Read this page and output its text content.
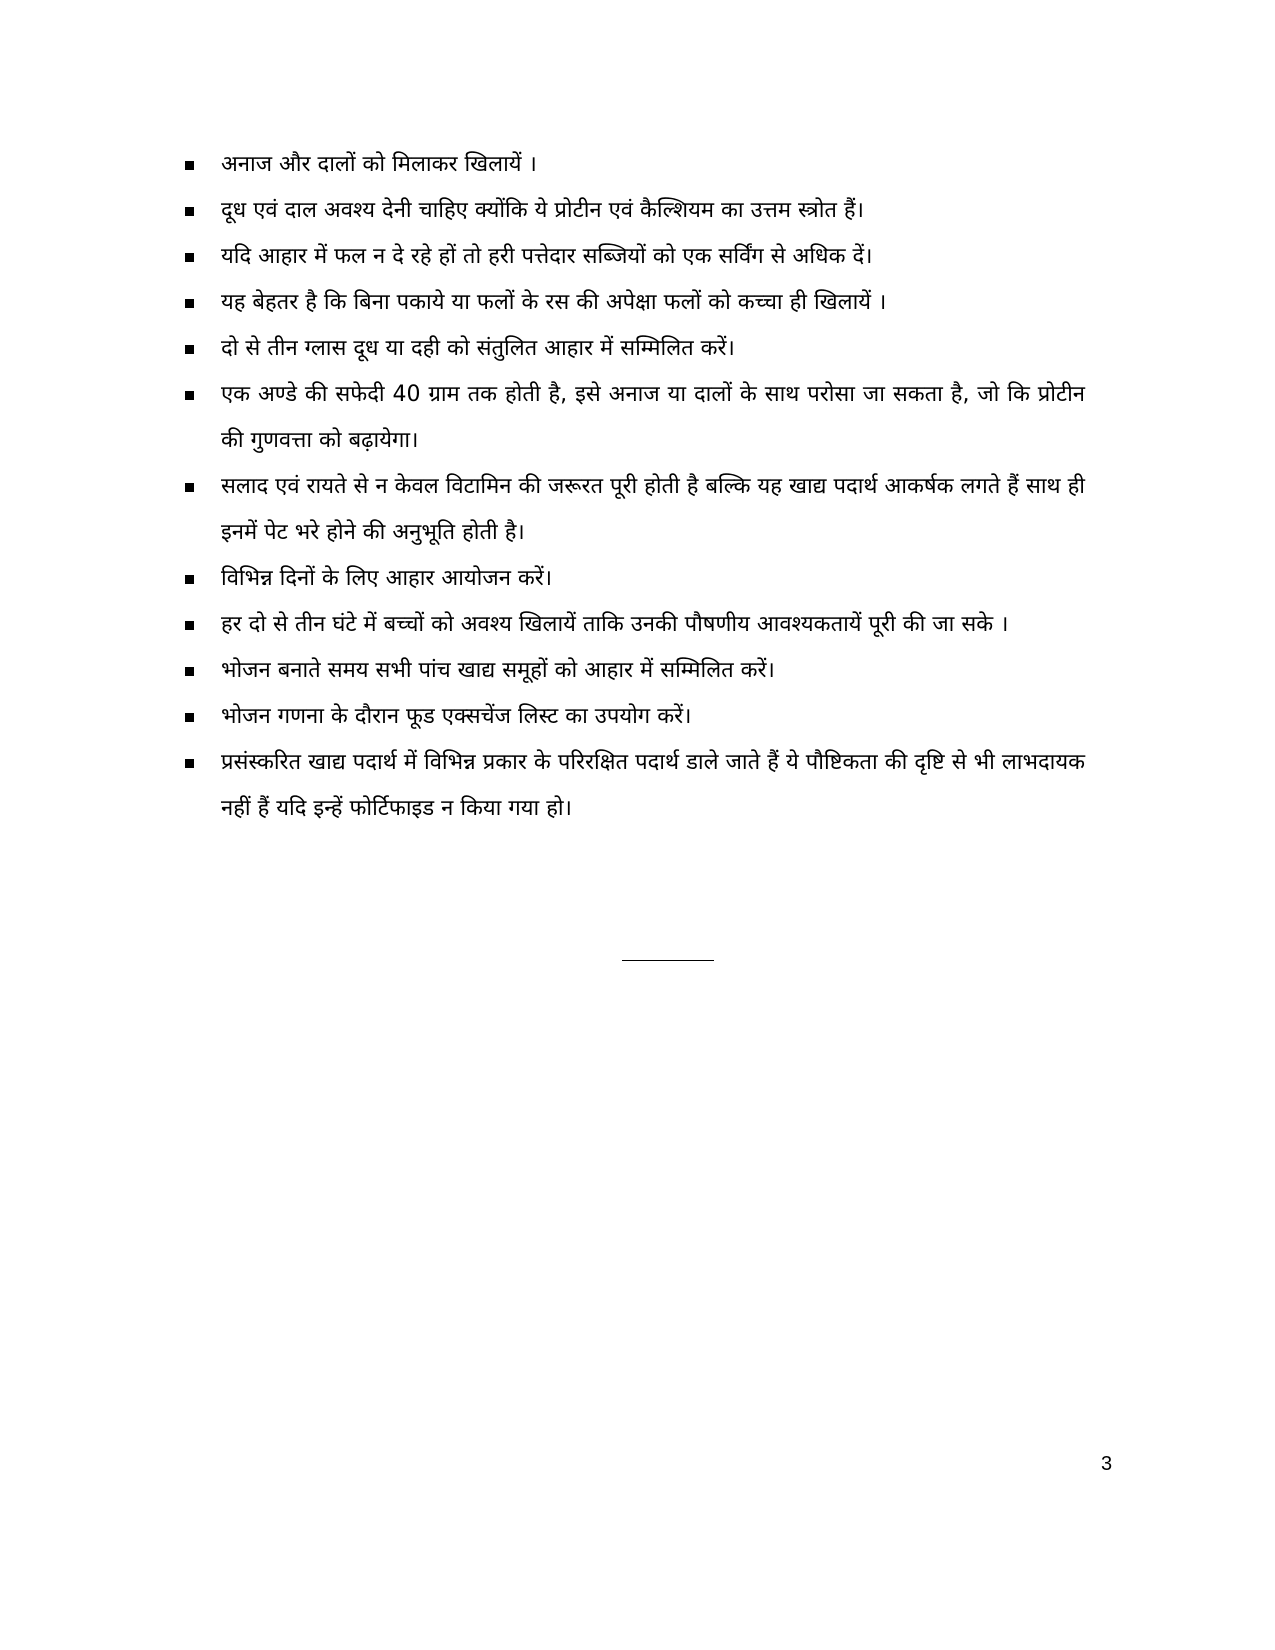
अनाज और दालों को मिलाकर खिलायें ।
दूध एवं दाल अवश्य देनी चाहिए क्योंकि ये प्रोटीन एवं कैल्शियम का उत्तम स्त्रोत हैं।
यदि आहार में फल न दे रहे हों तो हरी पत्तेदार सब्जियों को एक सर्विंग से अधिक दें।
यह बेहतर है कि बिना पकाये या फलों के रस की अपेक्षा फलों को कच्चा ही खिलायें ।
दो से तीन ग्लास दूध या दही को संतुलित आहार में सम्मिलित करें।
एक अण्डे की सफेदी 40 ग्राम तक होती है, इसे अनाज या दालों के साथ परोसा जा सकता है, जो कि प्रोटीन की गुणवत्ता को बढ़ायेगा।
सलाद एवं रायते से न केवल विटामिन की जरूरत पूरी होती है बल्कि यह खाद्य पदार्थ आकर्षक लगते हैं साथ ही इनमें पेट भरे होने की अनुभूति होती है।
विभिन्न दिनों के लिए आहार आयोजन करें।
हर दो से तीन घंटे में बच्चों को अवश्य खिलायें ताकि उनकी पौषणीय आवश्यकतायें पूरी की जा सके ।
भोजन बनाते समय सभी पांच खाद्य समूहों को आहार में सम्मिलित करें।
भोजन गणना के दौरान फूड एक्सचेंज लिस्ट का उपयोग करें।
प्रसंस्करित खाद्य पदार्थ में विभिन्न प्रकार के परिरक्षित पदार्थ डाले जाते हैं ये पौष्टिकता की दृष्टि से भी लाभदायक नहीं हैं यदि इन्हें फोर्टिफाइड न किया गया हो।
3
